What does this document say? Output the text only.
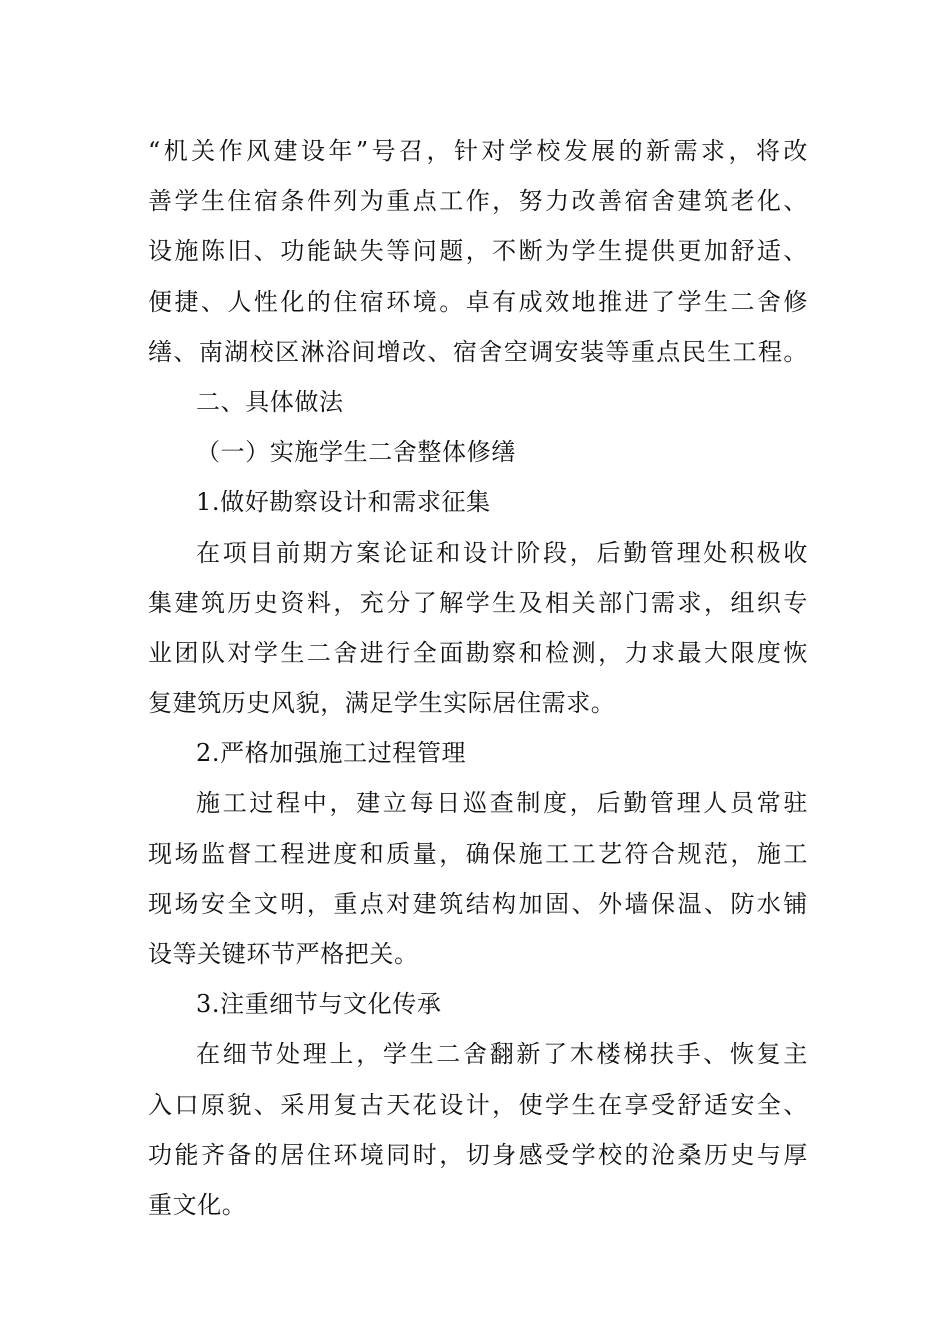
“机关作风建设年”号召，针对学校发展的新需求，将改
善学生住宿条件列为重点工作，努力改善宿舍建筑老化、
设施陈旧、功能缺失等问题，不断为学生提供更加舒适、
便捷、人性化的住宿环境。卓有成效地推进了学生二舍修
缮、南湖校区淋浴间增改、宿舍空调安装等重点民生工程。
二、具体做法
（一）实施学生二舍整体修缮
1.做好勘察设计和需求征集
在项目前期方案论证和设计阶段，后勤管理处积极收
集建筑历史资料，充分了解学生及相关部门需求，组织专
业团队对学生二舍进行全面勘察和检测，力求最大限度恢
复建筑历史风貌，满足学生实际居住需求。
2.严格加强施工过程管理
施工过程中，建立每日巡查制度，后勤管理人员常驻
现场监督工程进度和质量，确保施工工艺符合规范，施工
现场安全文明，重点对建筑结构加固、外墙保温、防水铺
设等关键环节严格把关。
3.注重细节与文化传承
在细节处理上，学生二舍翻新了木楼梯扶手、恢复主
入口原貌、采用复古天花设计，使学生在享受舒适安全、
功能齐备的居住环境同时，切身感受学校的沧桑历史与厚
重文化。
